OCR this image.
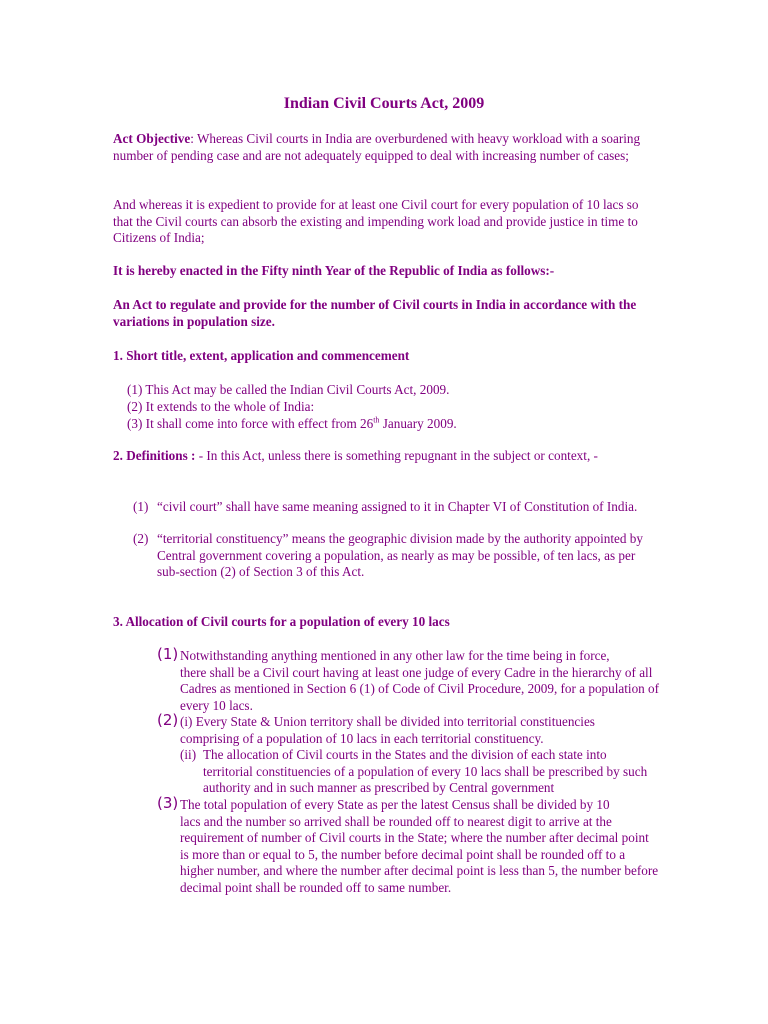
Indian Civil Courts Act, 2009

Act Objective: Whereas Civil courts in India are overburdened with heavy workload with a soaring number of pending case and are not adequately equipped to deal with increasing number of cases;

And whereas it is expedient to provide for at least one Civil court for every population of 10 lacs so that the Civil courts can absorb the existing and impending work load and provide justice in time to Citizens of India;

It is hereby enacted in the Fifty ninth Year of the Republic of India as follows:-

An Act to regulate and provide for the number of Civil courts in India in accordance with the variations in population size.

1. Short title, extent, application and commencement

(1) This Act may be called the Indian Civil Courts Act, 2009.
(2) It extends to the whole of India:
(3) It shall come into force with effect from 26th January 2009.

2. Definitions : - In this Act, unless there is something repugnant in the subject or context, -

(1) “civil court” shall have same meaning assigned to it in Chapter VI of Constitution of India.
(2) “territorial constituency” means the geographic division made by the authority appointed by Central government covering a population, as nearly as may be possible, of ten lacs, as per sub-section (2) of Section 3 of this Act.

3. Allocation of Civil courts for a population of every 10 lacs

(1) Notwithstanding anything mentioned in any other law for the time being in force,
there shall be a Civil court having at least one judge of every Cadre in the hierarchy of all Cadres as mentioned in Section 6 (1) of Code of Civil Procedure, 2009, for a population of every 10 lacs.
(2) (i) Every State & Union territory shall be divided into territorial constituencies
comprising of a population of 10 lacs in each territorial constituency.
(ii) The allocation of Civil courts in the States and the division of each state into territorial constituencies of a population of every 10 lacs shall be prescribed by such authority and in such manner as prescribed by Central government
(3) The total population of every State as per the latest Census shall be divided by 10
lacs and the number so arrived shall be rounded off to nearest digit to arrive at the requirement of number of Civil courts in the State; where the number after decimal point is more than or equal to 5, the number before decimal point shall be rounded off to a higher number, and where the number after decimal point is less than 5, the number before decimal point shall be rounded off to same number.
